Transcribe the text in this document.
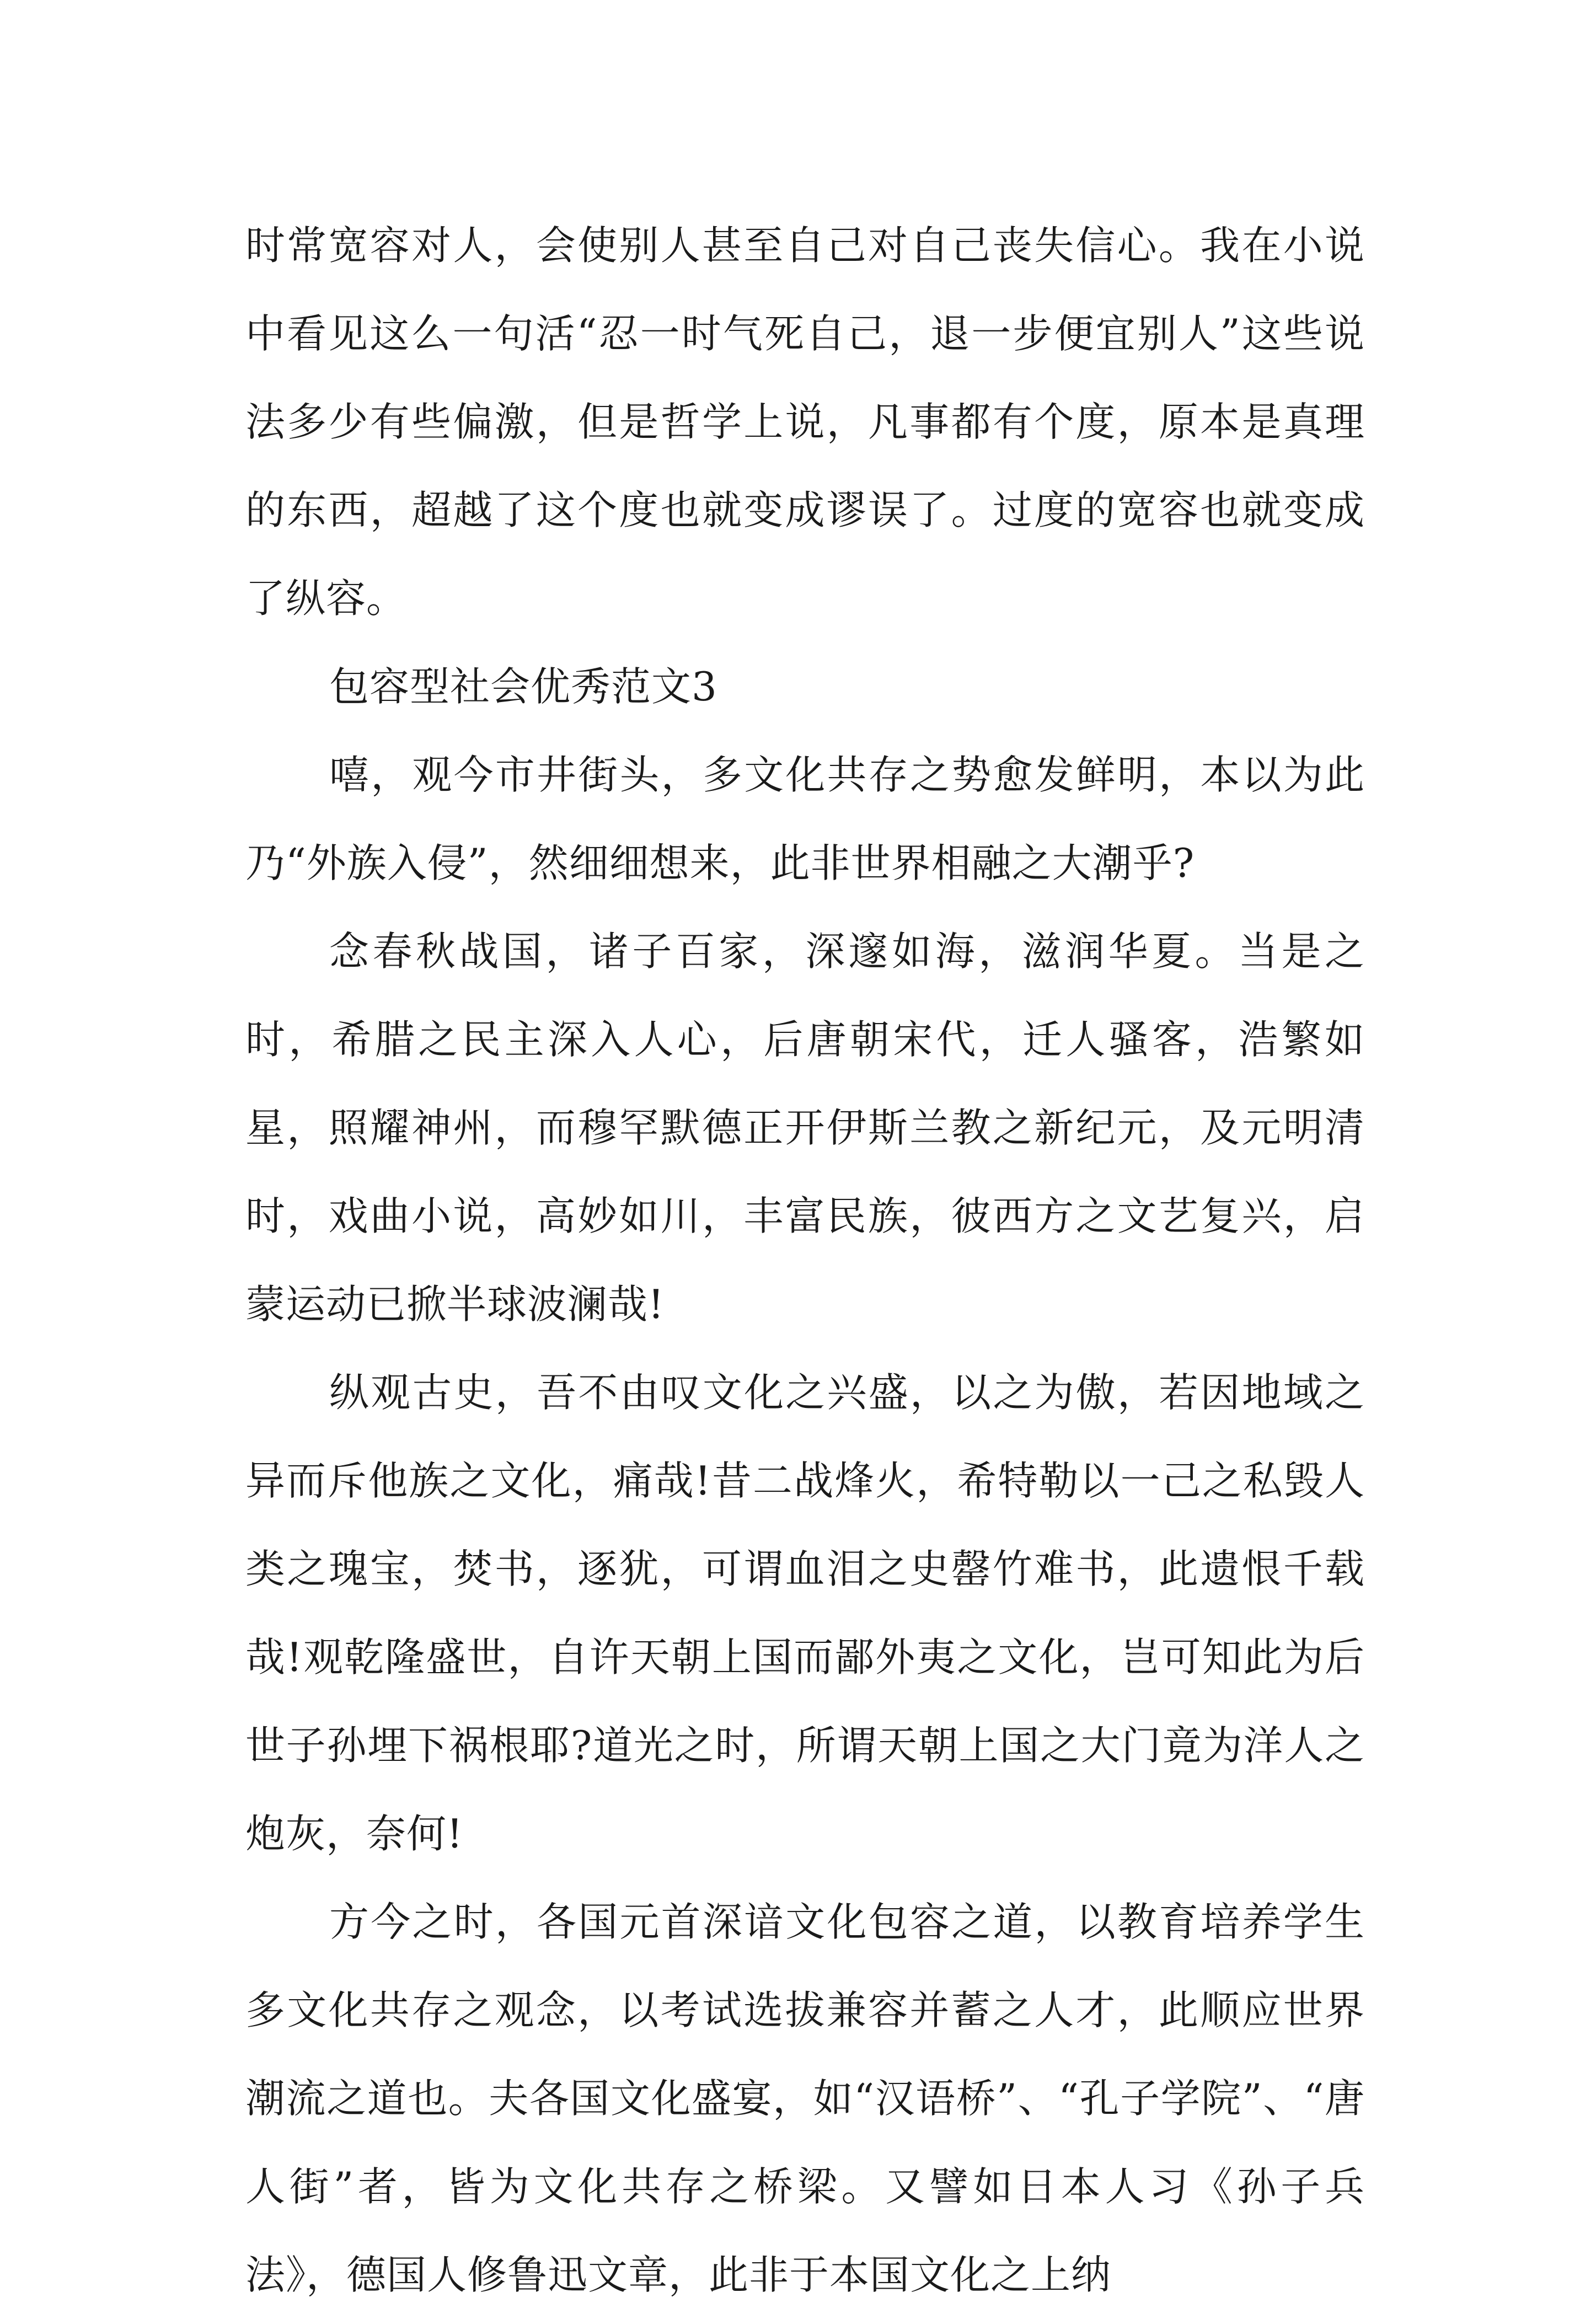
时常宽容对人，会使别人甚至自己对自己丧失信心。我在小说中看见这么一句活“忍一时气死自己，退一步便宜别人”这些说法多少有些偏激，但是哲学上说，凡事都有个度，原本是真理的东西，超越了这个度也就变成谬误了。过度的宽容也就变成了纵容。

包容型社会优秀范文3

嘻，观今市井街头，多文化共存之势愈发鲜明，本以为此乃“外族入侵”，然细细想来，此非世界相融之大潮乎?

念春秋战国，诸子百家，深邃如海，滋润华夏。当是之时，希腊之民主深入人心，后唐朝宋代，迁人骚客，浩繁如星，照耀神州，而穆罕默德正开伊斯兰教之新纪元，及元明清时，戏曲小说，高妙如川，丰富民族，彼西方之文艺复兴，启蒙运动已掀半球波澜哉!

纵观古史，吾不由叹文化之兴盛，以之为傲，若因地域之异而斥他族之文化，痛哉!昔二战烽火，希特勒以一己之私毁人类之瑰宝，焚书，逐犹，可谓血泪之史罄竹难书，此遗恨千载哉!观乾隆盛世，自许天朝上国而鄙外夷之文化，岂可知此为后世子孙埋下祸根耶?道光之时，所谓天朝上国之大门竟为洋人之炮灰，奈何!

方今之时，各国元首深谙文化包容之道，以教育培养学生多文化共存之观念，以考试选拔兼容并蓄之人才，此顺应世界潮流之道也。夫各国文化盛宴，如“汉语桥”、“孔子学院”、“唐人街”者，皆为文化共存之桥梁。又譬如日本人习《孙子兵法》，德国人修鲁迅文章，此非于本国文化之上纳
